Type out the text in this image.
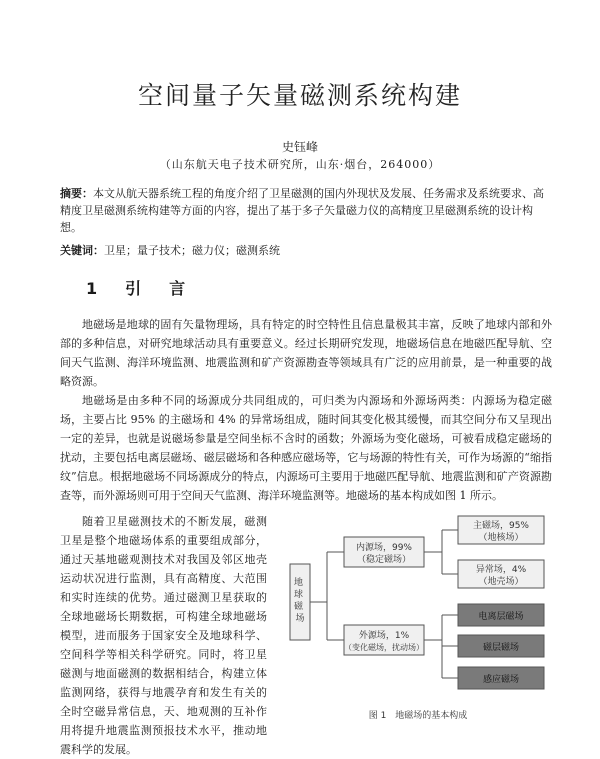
空间量子矢量磁测系统构建
史钰峰
（山东航天电子技术研究所，山东·烟台，264000）
摘要：本文从航天器系统工程的角度介绍了卫星磁测的国内外现状及发展、任务需求及系统要求、高精度卫星磁测系统构建等方面的内容，提出了基于多子矢量磁力仪的高精度卫星磁测系统的设计构想。
关键词：卫星；量子技术；磁力仪；磁测系统
1　 引　言

地磁场是地球的固有矢量物理场，具有特定的时空特性且信息量极其丰富，反映了地球内部和外部的多种信息，对研究地球活动具有重要意义。经过长期研究发现，地磁场信息在地磁匹配导航、空间天气监测、海洋环境监测、地震监测和矿产资源勘查等领域具有广泛的应用前景，是一种重要的战略资源。

地磁场是由多种不同的场源成分共同组成的，可归类为内源场和外源场两类：内源场为稳定磁场，主要占比 95% 的主磁场和 4% 的异常场组成，随时间其变化极其缓慢，而其空间分布又呈现出一定的差异，也就是说磁场参量是空间坐标不含时的函数；外源场为变化磁场，可被看成稳定磁场的扰动，主要包括电离层磁场、磁层磁场和各种感应磁场等，它与场源的特性有关，可作为场源的“缩指纹”信息。根据地磁场不同场源成分的特点，内源场可主要用于地磁匹配导航、地震监测和矿产资源勘查等，而外源场则可用于空间天气监测、海洋环境监测等。地磁场的基本构成如图 1 所示。

随着卫星磁测技术的不断发展，磁测卫星是整个地磁场体系的重要组成部分，通过天基地磁观测技术对我国及邻区地壳运动状况进行监测，具有高精度、大范围和实时连续的优势。通过磁测卫星获取的全球地磁场长期数据，可构建全球地磁场模型，进而服务于国家安全及地球科学、空间科学等相关科学研究。同时，将卫星磁测与地面磁测的数据相结合，构建立体监测网络，获得与地震孕育和发生有关的全时空磁异常信息，天、地观测的互补作用将提升地震监测预报技术水平，推动地震科学的发展。

地 球 磁 场
内源场，99%
（稳定磁场）
外源场，1%
（变化磁场，扰动场）
主磁场，95%
（地核场）
异常场，4%
（地壳场）
电离层磁场
磁层磁场
感应磁场
图 1　地磁场的基本构成
